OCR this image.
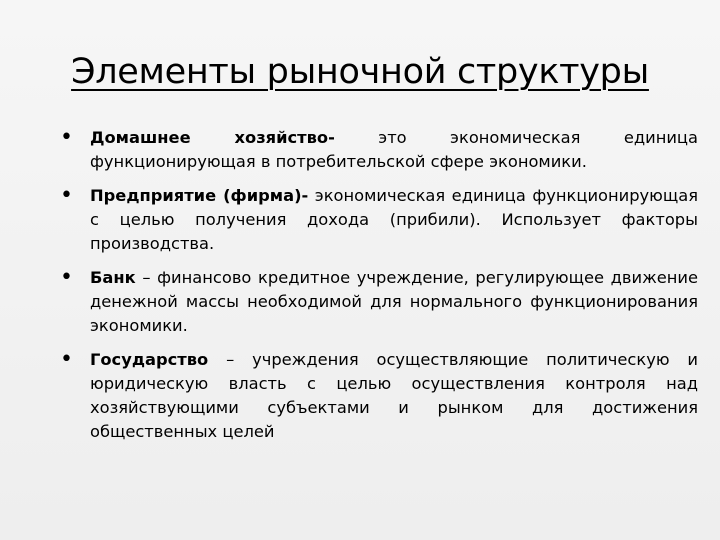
Элементы рыночной структуры
• Домашнее хозяйство- это экономическая единица функционирующая в потребительской сфере экономики.
• Предприятие (фирма)- экономическая единица функционирующая с целью получения дохода (прибили). Использует факторы производства.
• Банк – финансово кредитное учреждение, регулирующее движение денежной массы необходимой для нормального функционирования экономики.
• Государство – учреждения осуществляющие политическую и юридическую власть с целью осуществления контроля над хозяйствующими субъектами и рынком для достижения общественных целей
